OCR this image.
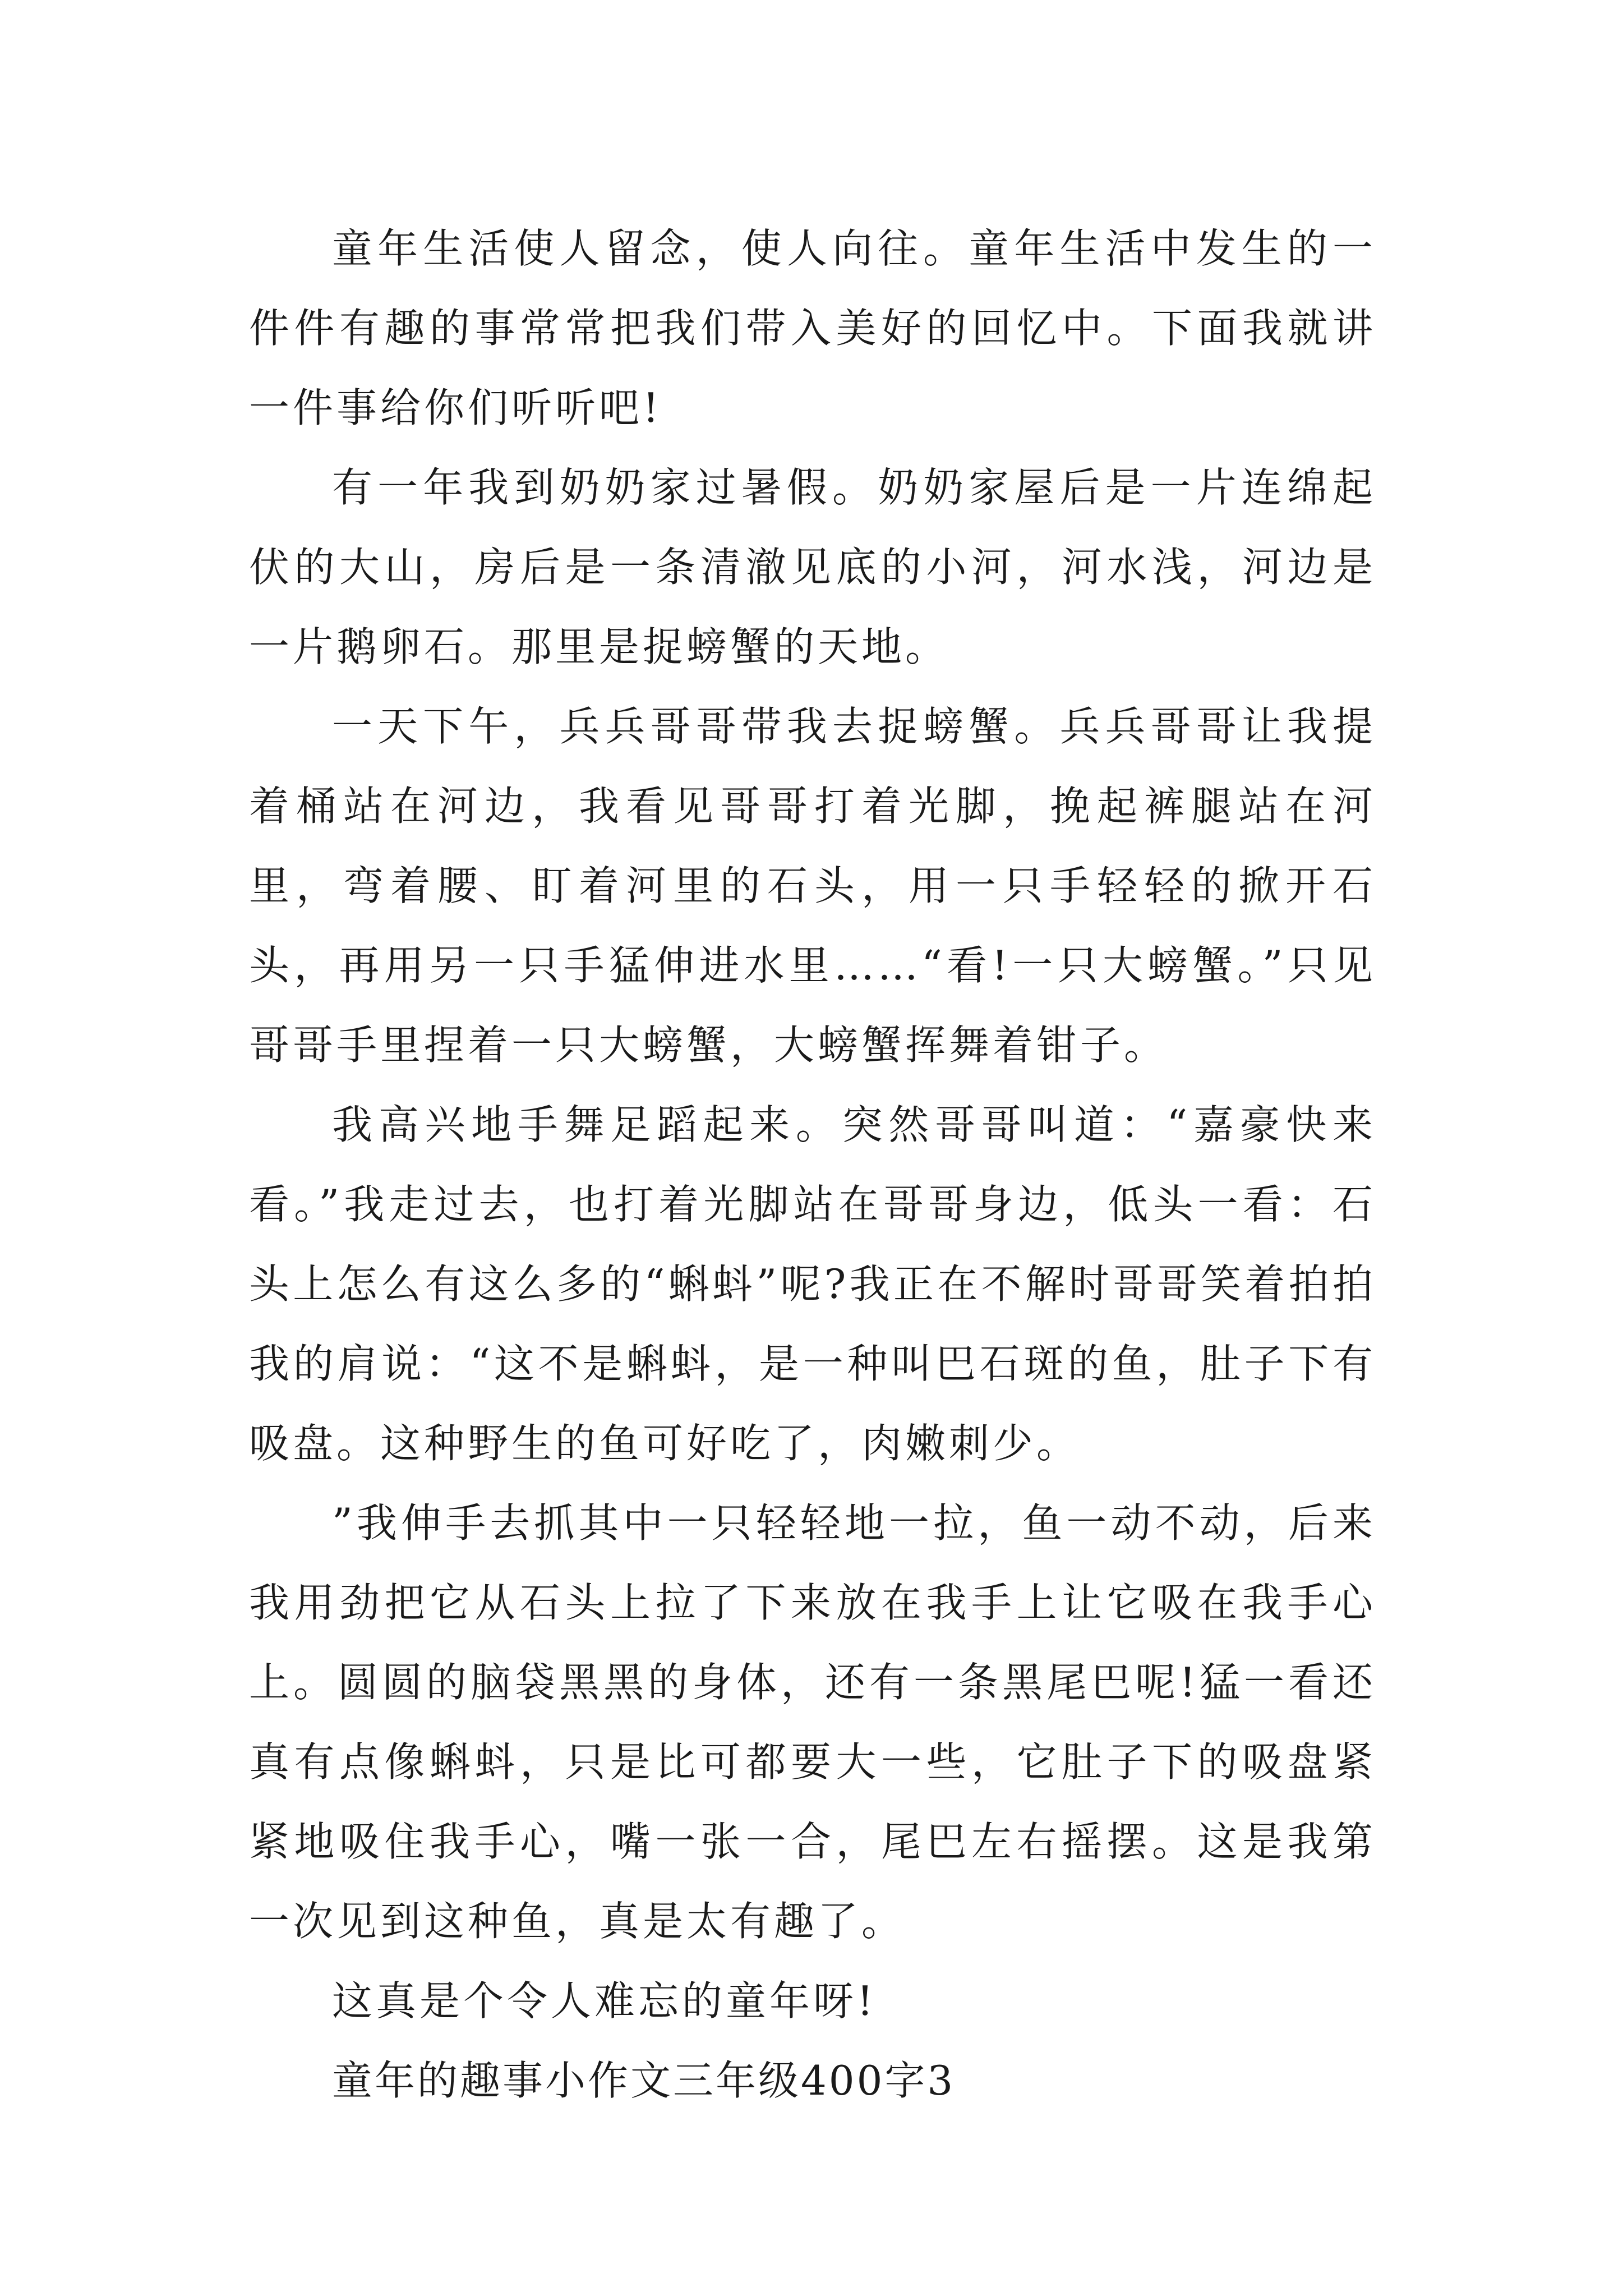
童年生活使人留念，使人向往。童年生活中发生的一件件有趣的事常常把我们带入美好的回忆中。下面我就讲一件事给你们听听吧!

有一年我到奶奶家过暑假。奶奶家屋后是一片连绵起伏的大山，房后是一条清澈见底的小河，河水浅，河边是一片鹅卵石。那里是捉螃蟹的天地。

一天下午，兵兵哥哥带我去捉螃蟹。兵兵哥哥让我提着桶站在河边，我看见哥哥打着光脚，挽起裤腿站在河里，弯着腰、盯着河里的石头，用一只手轻轻的掀开石头，再用另一只手猛伸进水里……“看!一只大螃蟹。”只见哥哥手里捏着一只大螃蟹，大螃蟹挥舞着钳子。

我高兴地手舞足蹈起来。突然哥哥叫道：“嘉豪快来看。”我走过去，也打着光脚站在哥哥身边，低头一看：石头上怎么有这么多的“蝌蚪”呢?我正在不解时哥哥笑着拍拍我的肩说：“这不是蝌蚪，是一种叫巴石斑的鱼，肚子下有吸盘。这种野生的鱼可好吃了，肉嫩刺少。

”我伸手去抓其中一只轻轻地一拉，鱼一动不动，后来我用劲把它从石头上拉了下来放在我手上让它吸在我手心上。圆圆的脑袋黑黑的身体，还有一条黑尾巴呢!猛一看还真有点像蝌蚪，只是比可都要大一些，它肚子下的吸盘紧紧地吸住我手心，嘴一张一合，尾巴左右摇摆。这是我第一次见到这种鱼，真是太有趣了。

这真是个令人难忘的童年呀!

童年的趣事小作文三年级400字3
